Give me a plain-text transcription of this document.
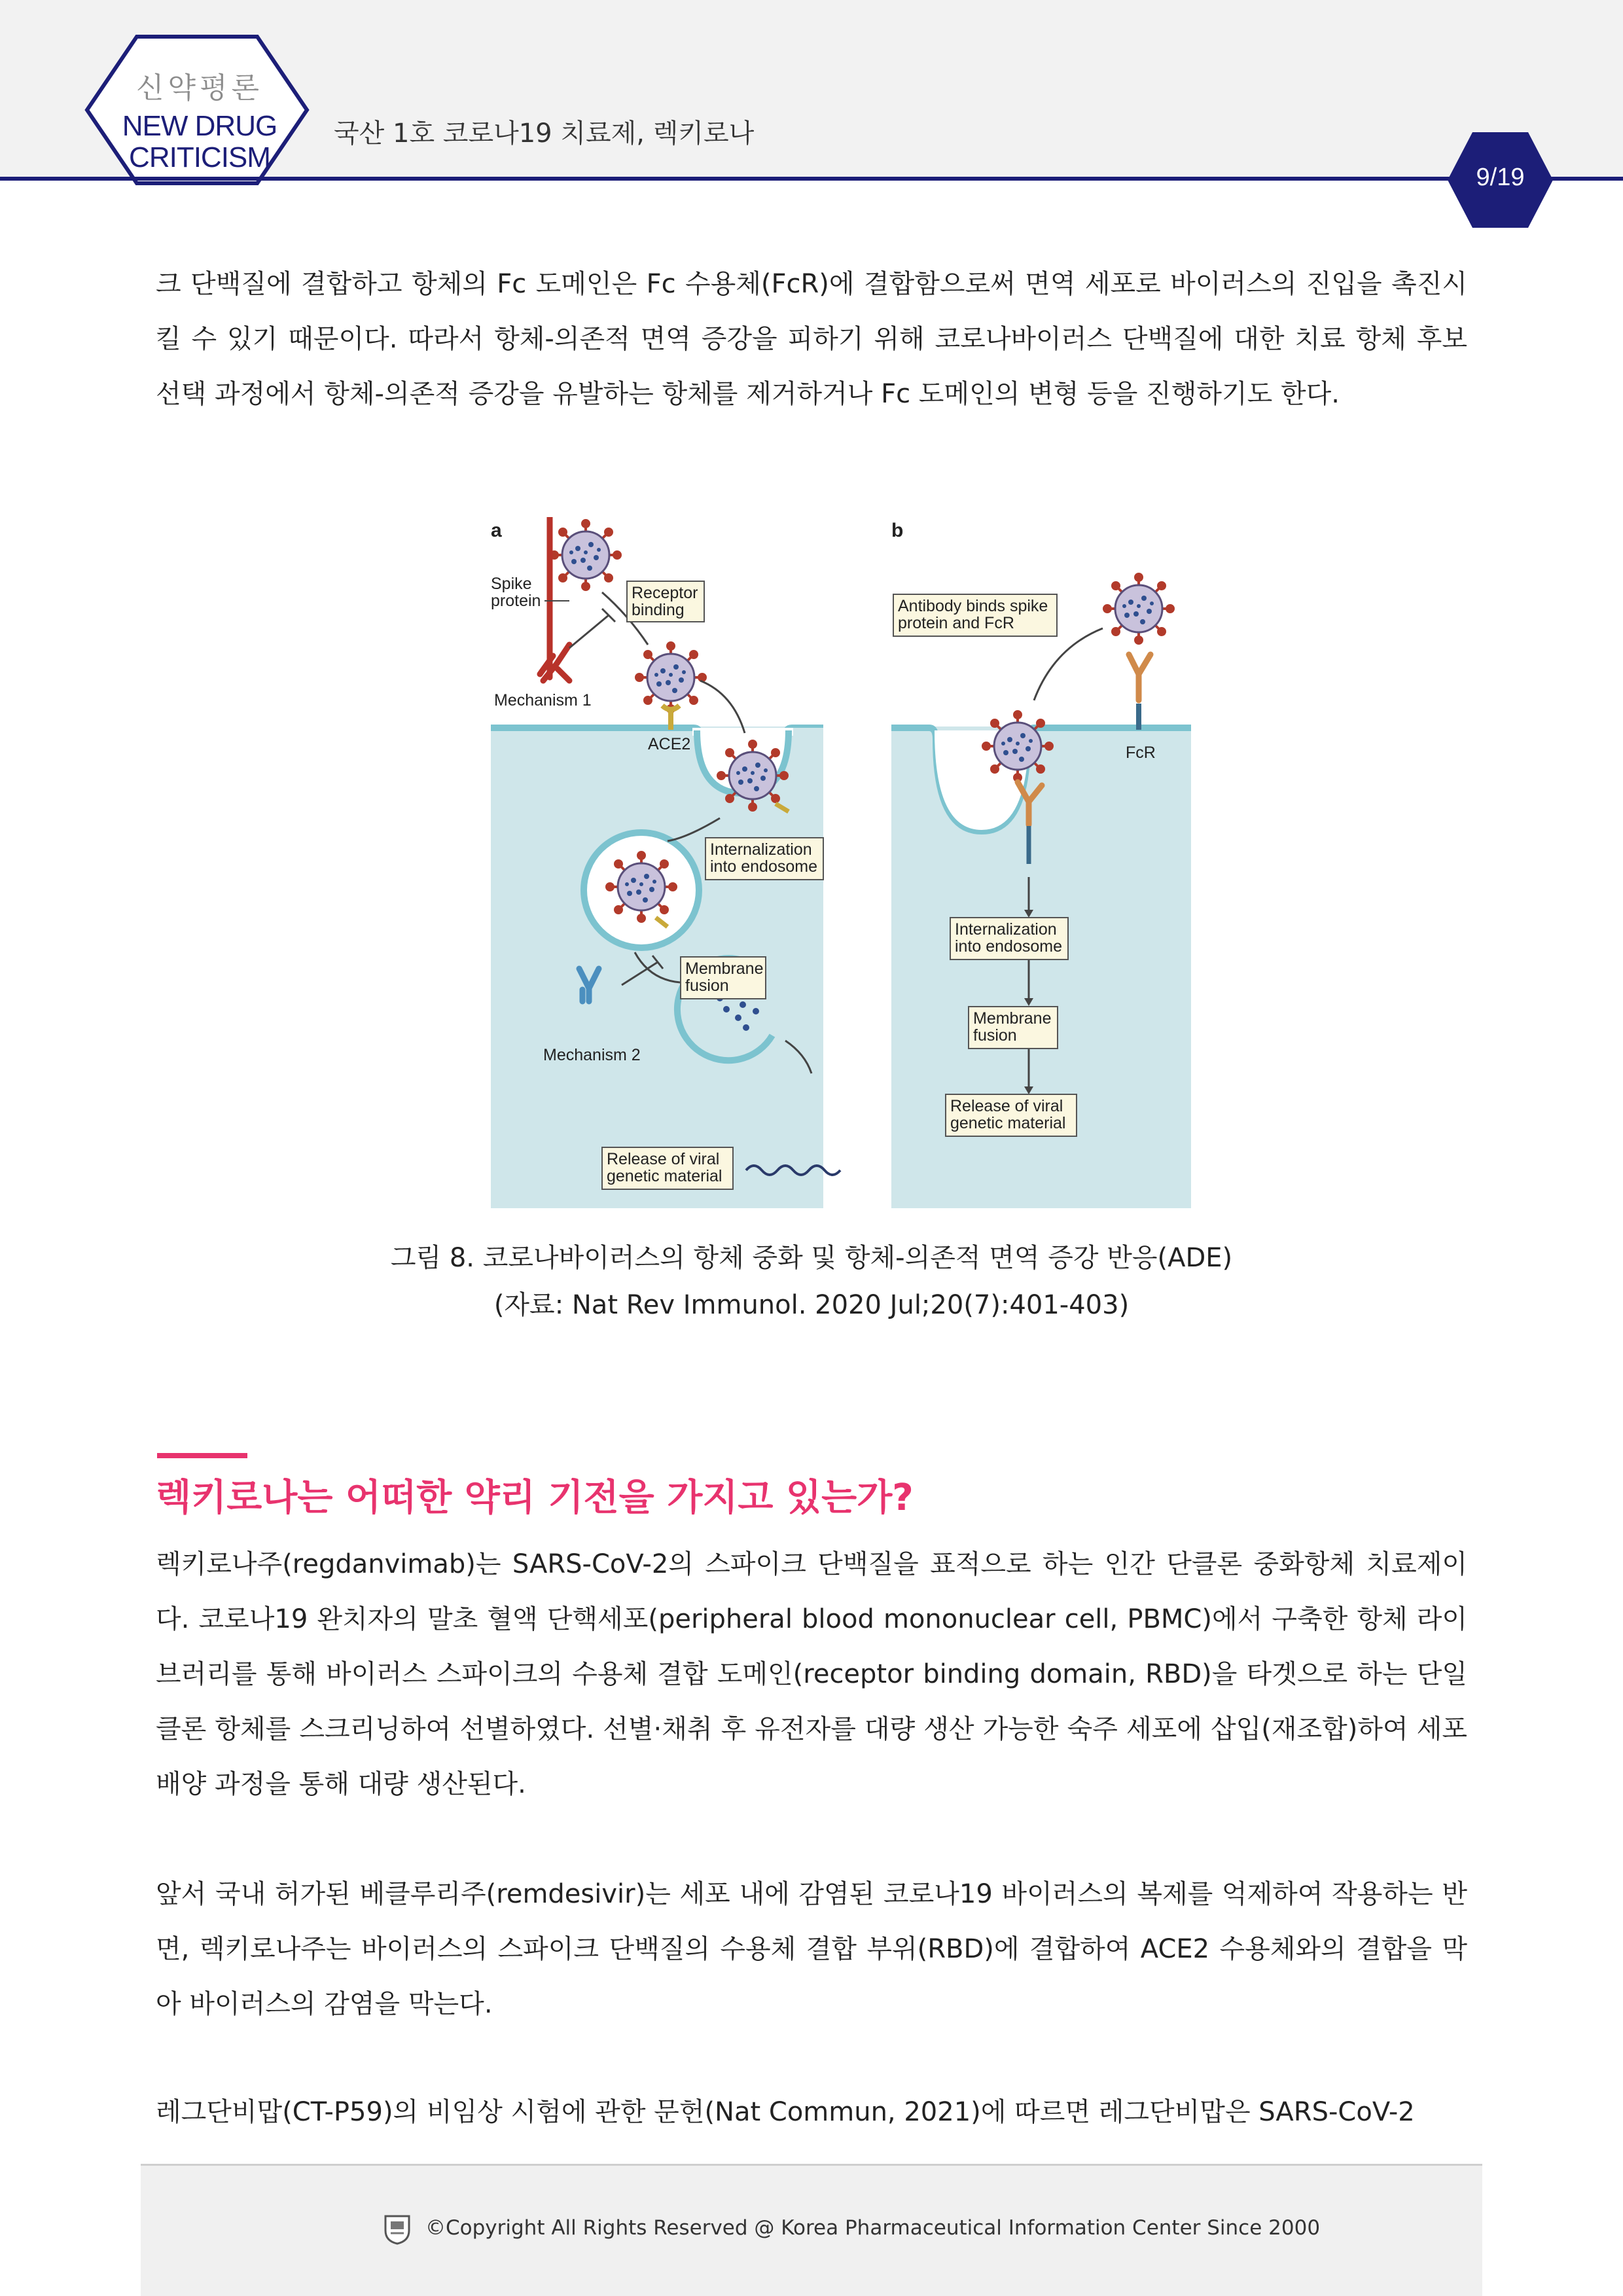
신약평론
NEW DRUG
CRITICISM
국산 1호 코로나19 치료제, 렉키로나
9/19
크 단백질에 결합하고 항체의 Fc 도메인은 Fc 수용체(FcR)에 결합함으로써 면역 세포로 바이러스의 진입을 촉진시킬 수 있기 때문이다. 따라서 항체-의존적 면역 증강을 피하기 위해 코로나바이러스 단백질에 대한 치료 항체 후보 선택 과정에서 항체-의존적 증강을 유발하는 항체를 제거하거나 Fc 도메인의 변형 등을 진행하기도 한다.
a	b
Spike
protein	Receptor
binding
Mechanism 1
ACE2
Internalization
into endosome
Membrane
fusion
Mechanism 2
Release of viral
genetic material
Antibody binds spike
protein and FcR
FcR
Internalization
into endosome
Membrane
fusion
Release of viral
genetic material
그림 8. 코로나바이러스의 항체 중화 및 항체-의존적 면역 증강 반응(ADE)
(자료: Nat Rev Immunol. 2020 Jul;20(7):401-403)
렉키로나는 어떠한 약리 기전을 가지고 있는가?
렉키로나주(regdanvimab)는 SARS-CoV-2의 스파이크 단백질을 표적으로 하는 인간 단클론 중화항체 치료제이다. 코로나19 완치자의 말초 혈액 단핵세포(peripheral blood mononuclear cell, PBMC)에서 구축한 항체 라이브러리를 통해 바이러스 스파이크의 수용체 결합 도메인(receptor binding domain, RBD)을 타겟으로 하는 단일 클론 항체를 스크리닝하여 선별하였다. 선별·채취 후 유전자를 대량 생산 가능한 숙주 세포에 삽입(재조합)하여 세포 배양 과정을 통해 대량 생산된다.
앞서 국내 허가된 베클루리주(remdesivir)는 세포 내에 감염된 코로나19 바이러스의 복제를 억제하여 작용하는 반면, 렉키로나주는 바이러스의 스파이크 단백질의 수용체 결합 부위(RBD)에 결합하여 ACE2 수용체와의 결합을 막아 바이러스의 감염을 막는다.
레그단비맙(CT-P59)의 비임상 시험에 관한 문헌(Nat Commun, 2021)에 따르면 레그단비맙은 SARS-CoV-2
©Copyright All Rights Reserved @ Korea Pharmaceutical Information Center Since 2000
